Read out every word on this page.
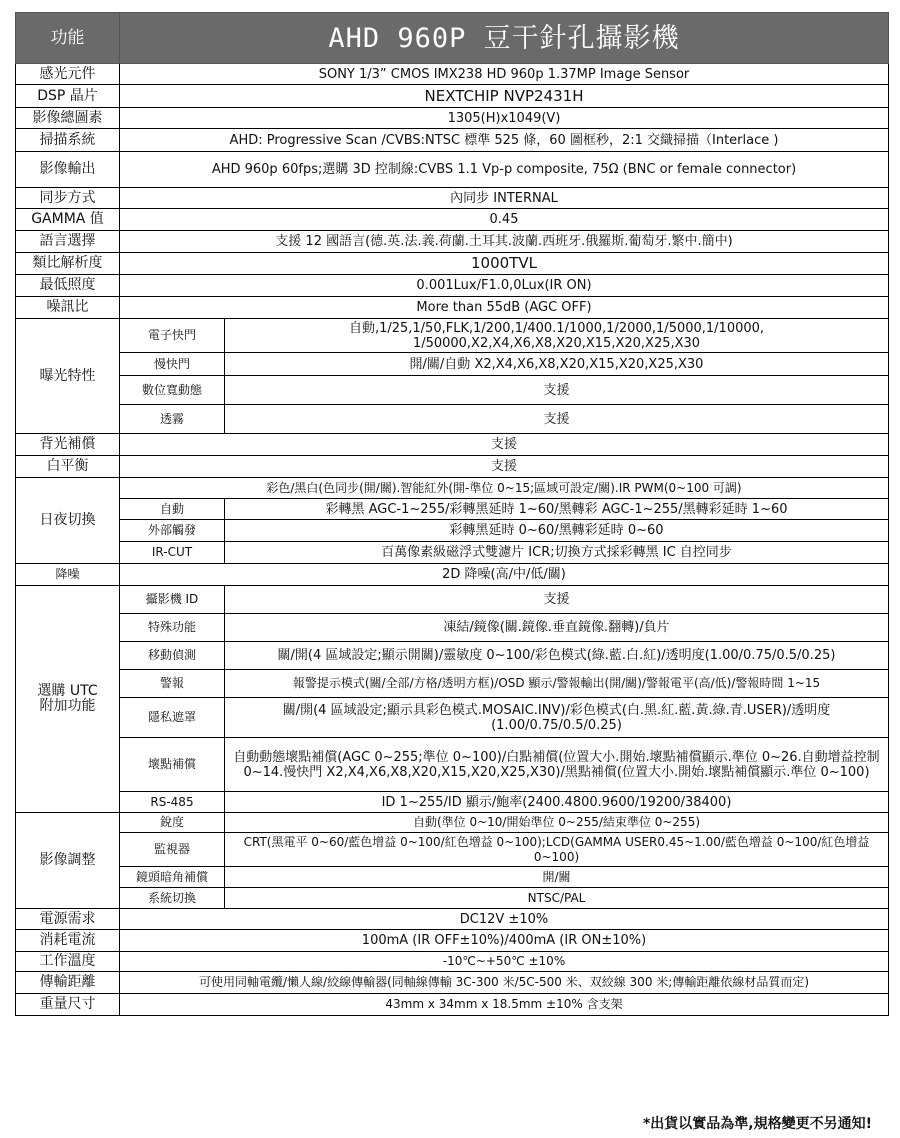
功能	AHD 960P 豆干針孔攝影機	
感光元件	SONY 1/3” CMOS IMX238 HD 960p 1.37MP Image Sensor	
DSP 晶片	NEXTCHIP NVP2431H	
影像總圖素	1305(H)x1049(V)	
掃描系統	AHD: Progressive Scan /CVBS:NTSC 標準 525 條，60 圖框秒，2:1 交織掃描（Interlace )	
影像輸出	AHD 960p 60fps;選購 3D 控制線:CVBS 1.1 Vp-p composite, 75Ω (BNC or female connector)	
同步方式	內同步 INTERNAL	
GAMMA 值	0.45	
語言選擇	支援 12 國語言(德.英.法.義.荷蘭.土耳其.波蘭.西班牙.俄羅斯.葡萄牙.繁中.簡中)	
類比解析度	1000TVL	
最低照度	0.001Lux/F1.0,0Lux(IR ON)	
噪訊比	More than 55dB (AGC OFF)	
曝光特性	電子快門	自動,1/25,1/50,FLK,1/200,1/400.1/1000,1/2000,1/5000,1/10000, 1/50000,X2,X4,X6,X8,X20,X15,X20,X25,X30
	慢快門	開/關/自動 X2,X4,X6,X8,X20,X15,X20,X25,X30
	數位寬動態	支援
	透霧	支援
背光補償	支援	
白平衡	支援	
日夜切換	彩色/黑白(色同步(開/關).智能紅外(開-準位 0~15;區域可設定/關).IR PWM(0~100 可調)	
	自動	彩轉黑 AGC-1~255/彩轉黑延時 1~60/黑轉彩 AGC-1~255/黑轉彩延時 1~60
	外部觸發	彩轉黑延時 0~60/黑轉彩延時 0~60
	IR-CUT	百萬像素級磁浮式雙濾片 ICR;切換方式採彩轉黑 IC 自控同步
降噪	2D 降噪(高/中/低/關)	

選購 UTC
附加功能	攝影機 ID	支援
	特殊功能	凍結/鏡像(關.鏡像.垂直鏡像.翻轉)/負片
	移動偵測	關/開(4 區域設定;顯示開關)/靈敏度 0~100/彩色模式(綠.藍.白.紅)/透明度(1.00/0.75/0.5/0.25)
	警報	報警提示模式(關/全部/方格/透明方框)/OSD 顯示/警報輸出(開/關)/警報電平(高/低)/警報時間 1~15
	隱私遮罩	關/開(4 區域設定;顯示具彩色模式.MOSAIC.INV)/彩色模式(白.黑.紅.藍.黃.綠.青.USER)/透明度(1.00/0.75/0.5/0.25)
	壞點補償	自動動態壞點補償(AGC 0~255;準位 0~100)/白點補償(位置大小.開始.壞點補償顯示.準位 0~26.自動增益控制 0~14.慢快門 X2,X4,X6,X8,X20,X15,X20,X25,X30)/黑點補償(位置大小.開始.壞點補償顯示.準位 0~100)
	RS-485	ID 1~255/ID 顯示/鮑率(2400.4800.9600/19200/38400)
影像調整	銳度	自動(準位 0~10/開始準位 0~255/結束準位 0~255)
	監視器	CRT(黑電平 0~60/藍色增益 0~100/紅色增益 0~100);LCD(GAMMA USER0.45~1.00/藍色增益 0~100/紅色增益 0~100)
	鏡頭暗角補償	開/關
	系統切換	NTSC/PAL
電源需求	DC12V ±10%	
消耗電流	100mA (IR OFF±10%)/400mA (IR ON±10%)	
工作溫度	-10℃~+50℃ ±10%	
傳輸距離	可使用同軸電纜/懶人線/絞線傳輸器(同軸線傳輸 3C-300 米/5C-500 米、双絞線 300 米;傳輸距離依線材品質而定)	
重量尺寸	43mm x 34mm x 18.5mm ±10% 含支架	
*出貨以實品為準,規格變更不另通知!
